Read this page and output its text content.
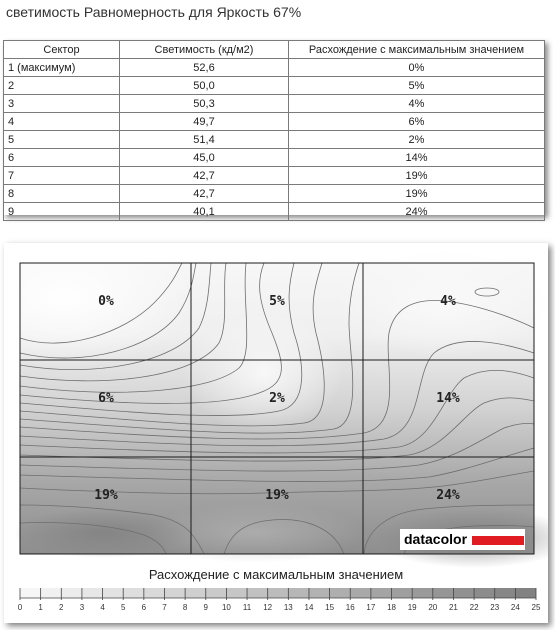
светимость Равномерность для Яркость 67%
Сектор	Светимость (кд/м2)	Расхождение с максимальным значением
1 (максимум)	52,6	0%
2	50,0	5%
3	50,3	4%
4	49,7	6%
5	51,4	2%
6	45,0	14%
7	42,7	19%
8	42,7	19%
9	40,1	24%
0%	5%	4%
6%	2%	14%
19%	19%	24%
datacolor
Расхождение с максимальным значением
0 1 2 3 4 5 6 7 8 9 10 11 12 13 14 15 16 17 18 19 20 21 22 23 24 25
